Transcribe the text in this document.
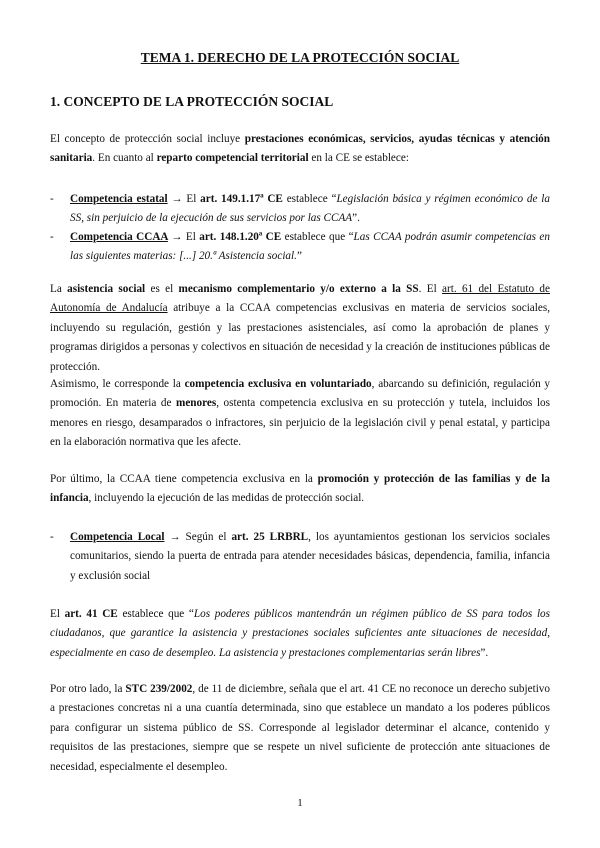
TEMA 1. DERECHO DE LA PROTECCIÓN SOCIAL
1. CONCEPTO DE LA PROTECCIÓN SOCIAL

El concepto de protección social incluye prestaciones económicas, servicios, ayudas técnicas y atención sanitaria. En cuanto al reparto competencial territorial en la CE se establece:

- Competencia estatal → El art. 149.1.17ª CE establece “Legislación básica y régimen económico de la SS, sin perjuicio de la ejecución de sus servicios por las CCAA”.
- Competencia CCAA → El art. 148.1.20ª CE establece que “Las CCAA podrán asumir competencias en las siguientes materias: [...] 20.ª Asistencia social.”

La asistencia social es el mecanismo complementario y/o externo a la SS. El art. 61 del Estatuto de Autonomía de Andalucía atribuye a la CCAA competencias exclusivas en materia de servicios sociales, incluyendo su regulación, gestión y las prestaciones asistenciales, así como la aprobación de planes y programas dirigidos a personas y colectivos en situación de necesidad y la creación de instituciones públicas de protección.

Asimismo, le corresponde la competencia exclusiva en voluntariado, abarcando su definición, regulación y promoción. En materia de menores, ostenta competencia exclusiva en su protección y tutela, incluidos los menores en riesgo, desamparados o infractores, sin perjuicio de la legislación civil y penal estatal, y participa en la elaboración normativa que les afecte.

Por último, la CCAA tiene competencia exclusiva en la promoción y protección de las familias y de la infancia, incluyendo la ejecución de las medidas de protección social.

- Competencia Local → Según el art. 25 LRBRL, los ayuntamientos gestionan los servicios sociales comunitarios, siendo la puerta de entrada para atender necesidades básicas, dependencia, familia, infancia y exclusión social

El art. 41 CE establece que “Los poderes públicos mantendrán un régimen público de SS para todos los ciudadanos, que garantice la asistencia y prestaciones sociales suficientes ante situaciones de necesidad, especialmente en caso de desempleo. La asistencia y prestaciones complementarias serán libres”.

Por otro lado, la STC 239/2002, de 11 de diciembre, señala que el art. 41 CE no reconoce un derecho subjetivo a prestaciones concretas ni a una cuantía determinada, sino que establece un mandato a los poderes públicos para configurar un sistema público de SS. Corresponde al legislador determinar el alcance, contenido y requisitos de las prestaciones, siempre que se respete un nivel suficiente de protección ante situaciones de necesidad, especialmente el desempleo.

1
